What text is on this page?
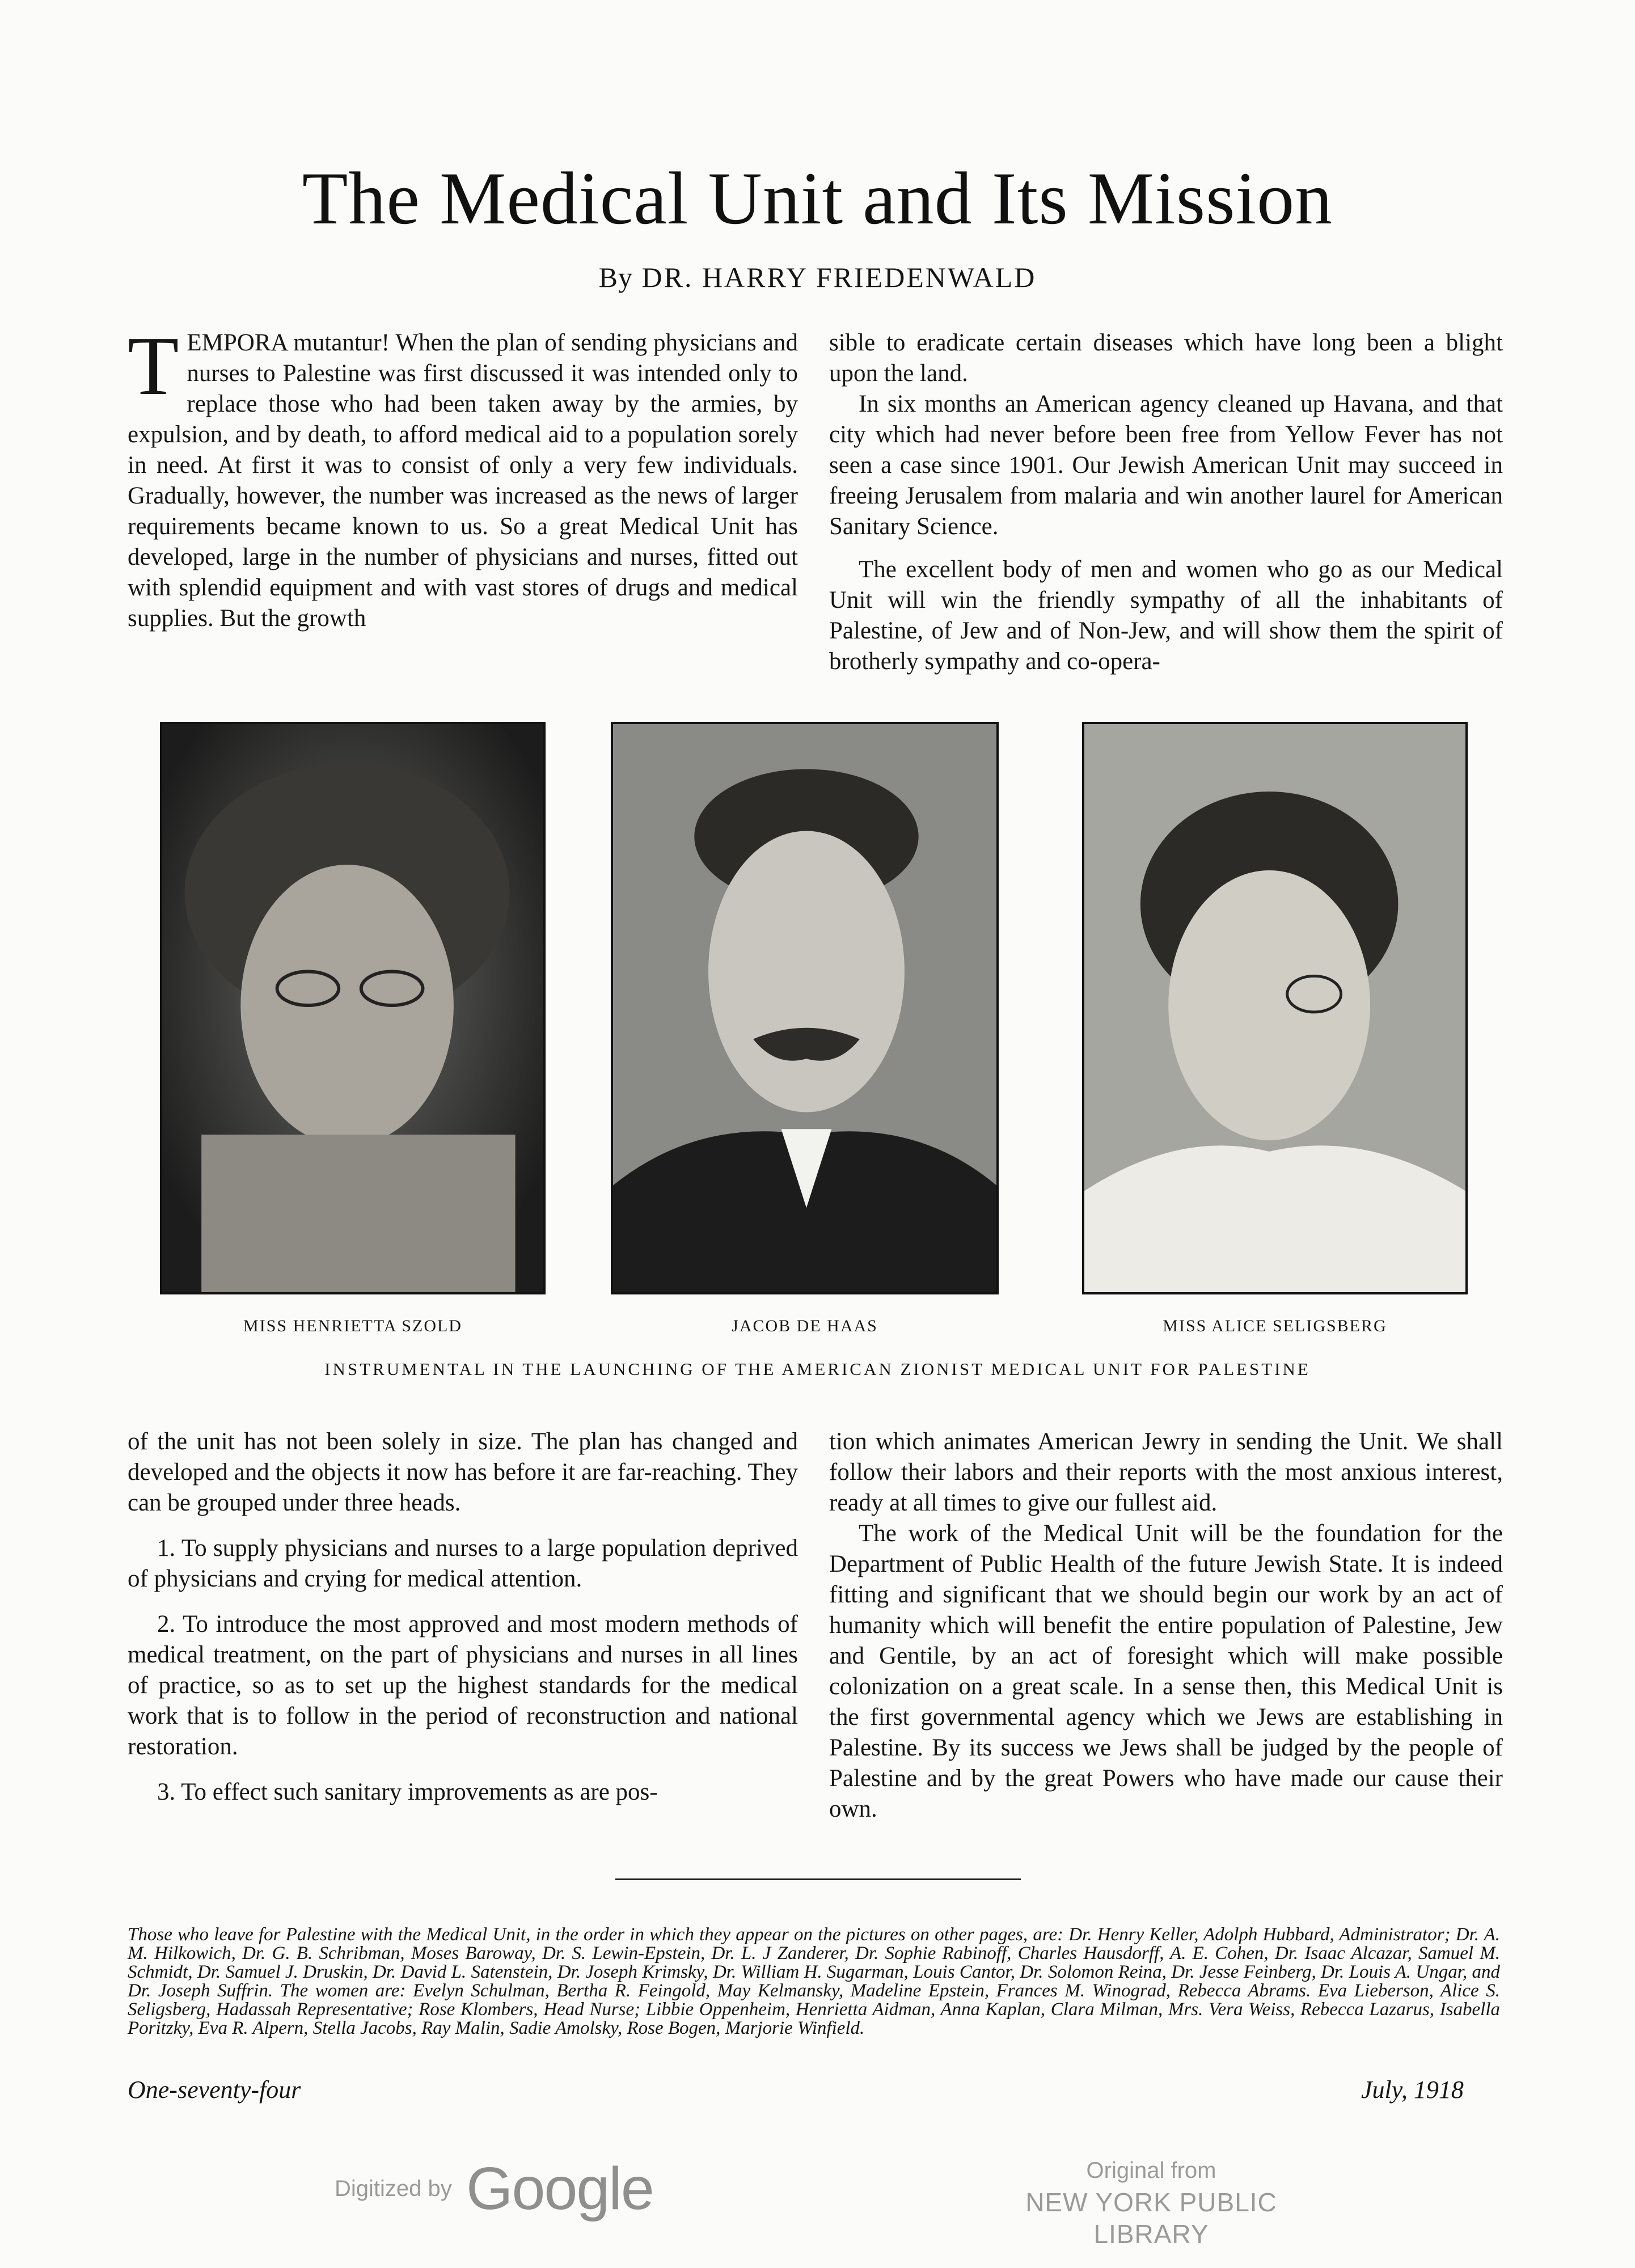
The Medical Unit and Its Mission
By DR. HARRY FRIEDENWALD

TEMPORA mutantur! When the plan of sending physicians and nurses to Palestine was first discussed it was intended only to replace those who had been taken away by the armies, by expulsion, and by death, to afford medical aid to a population sorely in need. At first it was to consist of only a very few individuals. Gradually, however, the number was increased as the news of larger requirements became known to us. So a great Medical Unit has developed, large in the number of physicians and nurses, fitted out with splendid equipment and with vast stores of drugs and medical supplies. But the growth

sible to eradicate certain diseases which have long been a blight upon the land.

In six months an American agency cleaned up Havana, and that city which had never before been free from Yellow Fever has not seen a case since 1901. Our Jewish American Unit may succeed in freeing Jerusalem from malaria and win another laurel for American Sanitary Science.

The excellent body of men and women who go as our Medical Unit will win the friendly sympathy of all the inhabitants of Palestine, of Jew and of Non-Jew, and will show them the spirit of brotherly sympathy and co-opera-

MISS HENRIETTA SZOLD	JACOB DE HAAS	MISS ALICE SELIGSBERG
INSTRUMENTAL IN THE LAUNCHING OF THE AMERICAN ZIONIST MEDICAL UNIT FOR PALESTINE

of the unit has not been solely in size. The plan has changed and developed and the objects it now has before it are far-reaching. They can be grouped under three heads.

1. To supply physicians and nurses to a large population deprived of physicians and crying for medical attention.

2. To introduce the most approved and most modern methods of medical treatment, on the part of physicians and nurses in all lines of practice, so as to set up the highest standards for the medical work that is to follow in the period of reconstruction and national restoration.

3. To effect such sanitary improvements as are pos-

tion which animates American Jewry in sending the Unit. We shall follow their labors and their reports with the most anxious interest, ready at all times to give our fullest aid.

The work of the Medical Unit will be the foundation for the Department of Public Health of the future Jewish State. It is indeed fitting and significant that we should begin our work by an act of humanity which will benefit the entire population of Palestine, Jew and Gentile, by an act of foresight which will make possible colonization on a great scale. In a sense then, this Medical Unit is the first governmental agency which we Jews are establishing in Palestine. By its success we Jews shall be judged by the people of Palestine and by the great Powers who have made our cause their own.

Those who leave for Palestine with the Medical Unit, in the order in which they appear on the pictures on other pages, are: Dr. Henry Keller, Adolph Hubbard, Administrator; Dr. A. M. Hilkowich, Dr. G. B. Schribman, Moses Baroway, Dr. S. Lewin-Epstein, Dr. L. J Zanderer, Dr. Sophie Rabinoff, Charles Hausdorff, A. E. Cohen, Dr. Isaac Alcazar, Samuel M. Schmidt, Dr. Samuel J. Druskin, Dr. David L. Satenstein, Dr. Joseph Krimsky, Dr. William H. Sugarman, Louis Cantor, Dr. Solomon Reina, Dr. Jesse Feinberg, Dr. Louis A. Ungar, and Dr. Joseph Suffrin. The women are: Evelyn Schulman, Bertha R. Feingold, May Kelmansky, Madeline Epstein, Frances M. Winograd, Rebecca Abrams. Eva Lieberson, Alice S. Seligsberg, Hadassah Representative; Rose Klombers, Head Nurse; Libbie Oppenheim, Henrietta Aidman, Anna Kaplan, Clara Milman, Mrs. Vera Weiss, Rebecca Lazarus, Isabella Poritzky, Eva R. Alpern, Stella Jacobs, Ray Malin, Sadie Amolsky, Rose Bogen, Marjorie Winfield.
One-seventy-four	July, 1918
Digitized by Google	Original from
NEW YORK PUBLIC LIBRARY
